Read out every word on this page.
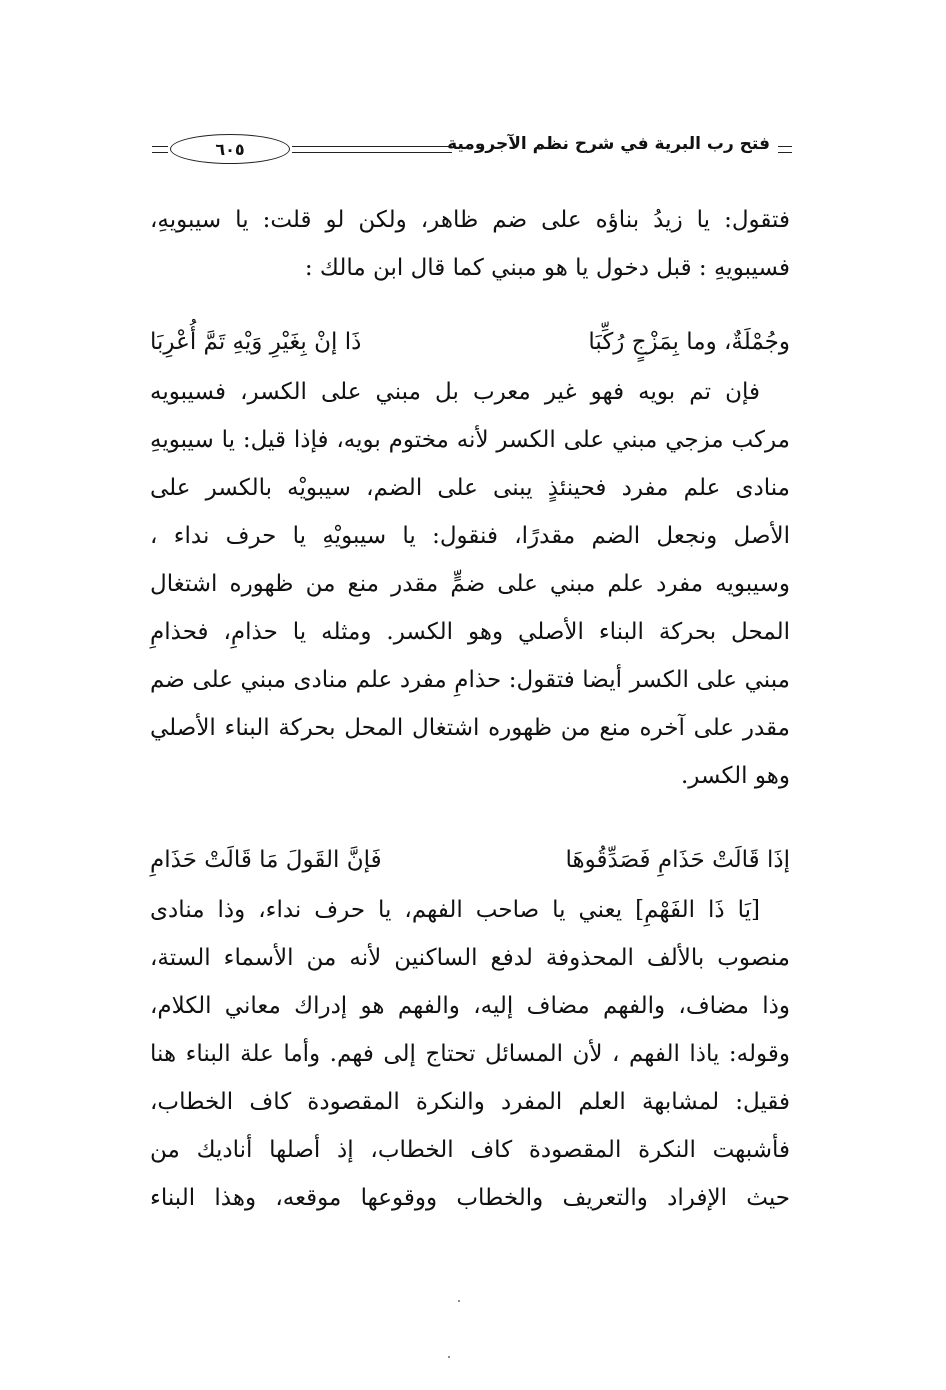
فتح رب البرية في شرح نظم الآجرومية
٦٠٥
فتقول: يا زيدُ بناؤه على ضم ظاهر، ولكن لو قلت: يا سيبويهِ،
فسيبويهِ : قبل دخول يا هو مبني كما قال ابن مالك :
وجُمْلَةٌ، وما بِمَزْجٍ رُكِّبَا
ذَا إنْ بِغَيْرِ وَيْهِ تَمَّ أُعْرِبَا
فإن تم بويه فهو غير معرب بل مبني على الكسر، فسيبويه
مركب مزجي مبني على الكسر لأنه مختوم بويه، فإذا قيل: يا سيبويهِ
منادى علم مفرد فحينئذٍ يبنى على الضم، سيبويْه بالكسر على
الأصل ونجعل الضم مقدرًا، فنقول: يا سيبويْهِ يا حرف نداء ،
وسيبويه مفرد علم مبني على ضمٍّ مقدر منع من ظهوره اشتغال
المحل بحركة البناء الأصلي وهو الكسر. ومثله يا حذامِ، فحذامِ
مبني على الكسر أيضا فتقول: حذامِ مفرد علم منادى مبني على ضم
مقدر على آخره منع من ظهوره اشتغال المحل بحركة البناء الأصلي
وهو الكسر.
إذَا قَالَتْ حَذَامِ فَصَدِّقُوهَا
فَإنَّ القَولَ مَا قَالَتْ حَذَامِ
[يَا ذَا الفَهْمِ] يعني يا صاحب الفهم، يا حرف نداء، وذا منادى
منصوب بالألف المحذوفة لدفع الساكنين لأنه من الأسماء الستة،
وذا مضاف، والفهم مضاف إليه، والفهم هو إدراك معاني الكلام،
وقوله: ياذا الفهم ، لأن المسائل تحتاج إلى فهم. وأما علة البناء هنا
فقيل: لمشابهة العلم المفرد والنكرة المقصودة كاف الخطاب،
فأشبهت النكرة المقصودة كاف الخطاب، إذ أصلها أناديك من
حيث الإفراد والتعريف والخطاب ووقوعها موقعه، وهذا البناء
